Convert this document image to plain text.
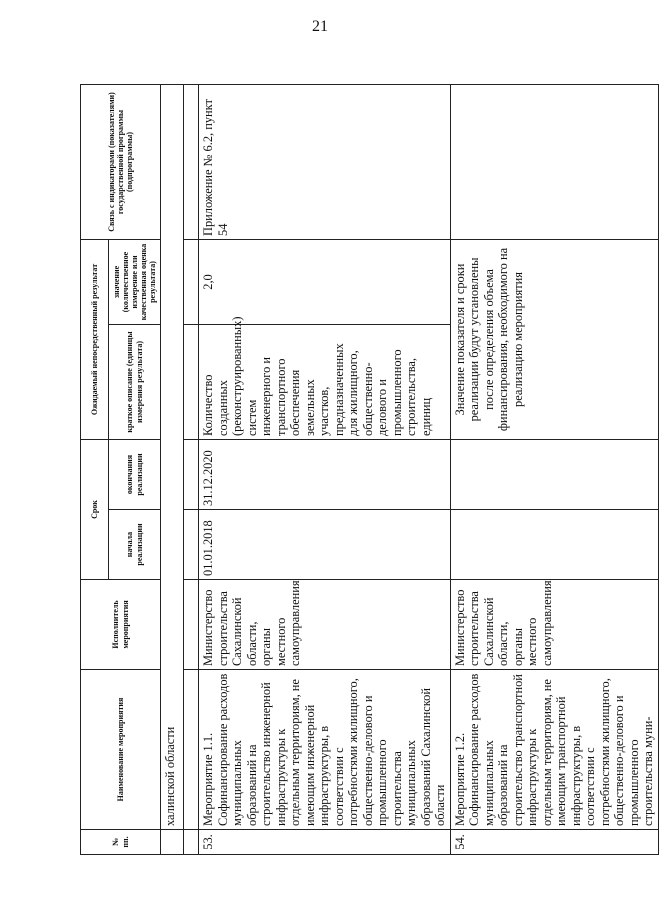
21
№ пп.	Наименование мероприятия	Исполнитель мероприятия	Срок		Ожидаемый непосредственный результат		Связь с индикаторами (показателями) государственной программы (подпрограммы)
			начала реализации	окончания реализации	краткое описание (единицы измерения результата)	значение (количественное измерение или качественная оценка результата)	
	халинской области						

53.	Мероприятие 1.1. Софинансирование расходов муниципальных образований на строительство инженерной инфраструктуры к отдельным территориям, не имеющим инженерной инфраструктуры, в соответствии с потребностями жилищного, общественно-делового и промышленного строительства муниципальных образований Сахалинской области	Министерство строительства Сахалинской области, органы местного самоуправления	01.01.2018	31.12.2020	Количество созданных (реконструированных) систем инженерного и транспортного обеспечения земельных участков, предназначенных для жилищного, общественно-делового и промышленного строительства, единиц	2,0	Приложение № 6.2, пункт 54
54.	Мероприятие 1.2. Софинансирование расходов муниципальных образований на строительство транспортной инфраструктуры к отдельным территориям, не имеющим транспортной инфраструктуры, в соответствии с потребностями жилищного, общественно-делового и промышленного строительства муни-	Министерство строительства Сахалинской области, органы местного самоуправления			Значение показателя и сроки реализации будут установлены после определения объема финансирования, необходимого на реализацию мероприятия		
